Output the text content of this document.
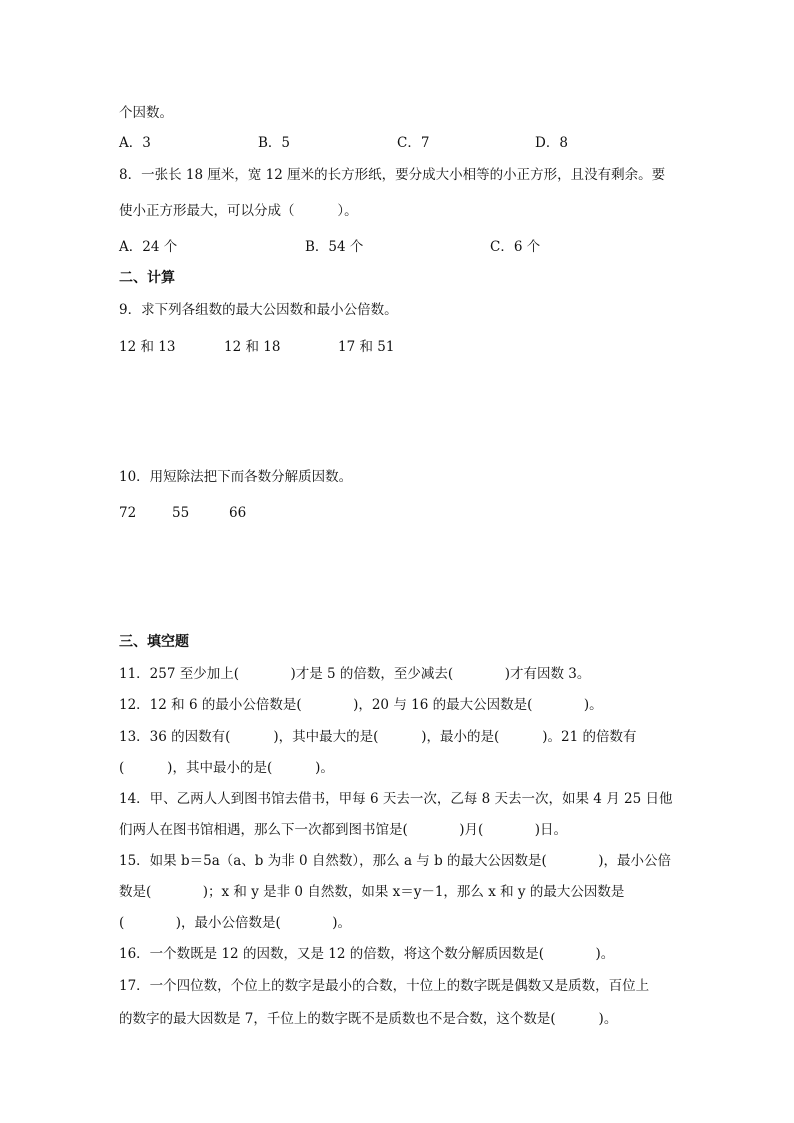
个因数。
A．3	B．5	C．7	D．8
8．一张长 18 厘米，宽 12 厘米的长方形纸，要分成大小相等的小正方形，且没有剩余。要
使小正方形最大，可以分成（          ）。
A．24 个	B．54 个	C．6 个
二、计算
9．求下列各组数的最大公因数和最小公倍数。
12 和 13	12 和 18	17 和 51
10．用短除法把下而各数分解质因数。
72	55	66
三、填空题
11．257 至少加上(            )才是 5 的倍数，至少减去(            )才有因数 3。
12．12 和 6 的最小公倍数是(            )，20 与 16 的最大公因数是(            )。
13．36 的因数有(          )，其中最大的是(          )，最小的是(          )。21 的倍数有
(          )，其中最小的是(          )。
14．甲、乙两人人到图书馆去借书，甲每 6 天去一次，乙每 8 天去一次，如果 4 月 25 日他
们两人在图书馆相遇，那么下一次都到图书馆是(            )月(            )日。
15．如果 b＝5a（a、b 为非 0 自然数），那么 a 与 b 的最大公因数是(            )，最小公倍
数是(            )；x 和 y 是非 0 自然数，如果 x＝y－1，那么 x 和 y 的最大公因数是
(            )，最小公倍数是(            )。
16．一个数既是 12 的因数，又是 12 的倍数，将这个数分解质因数是(            )。
17．一个四位数，个位上的数字是最小的合数，十位上的数字既是偶数又是质数，百位上
的数字的最大因数是 7，千位上的数字既不是质数也不是合数，这个数是(          )。
